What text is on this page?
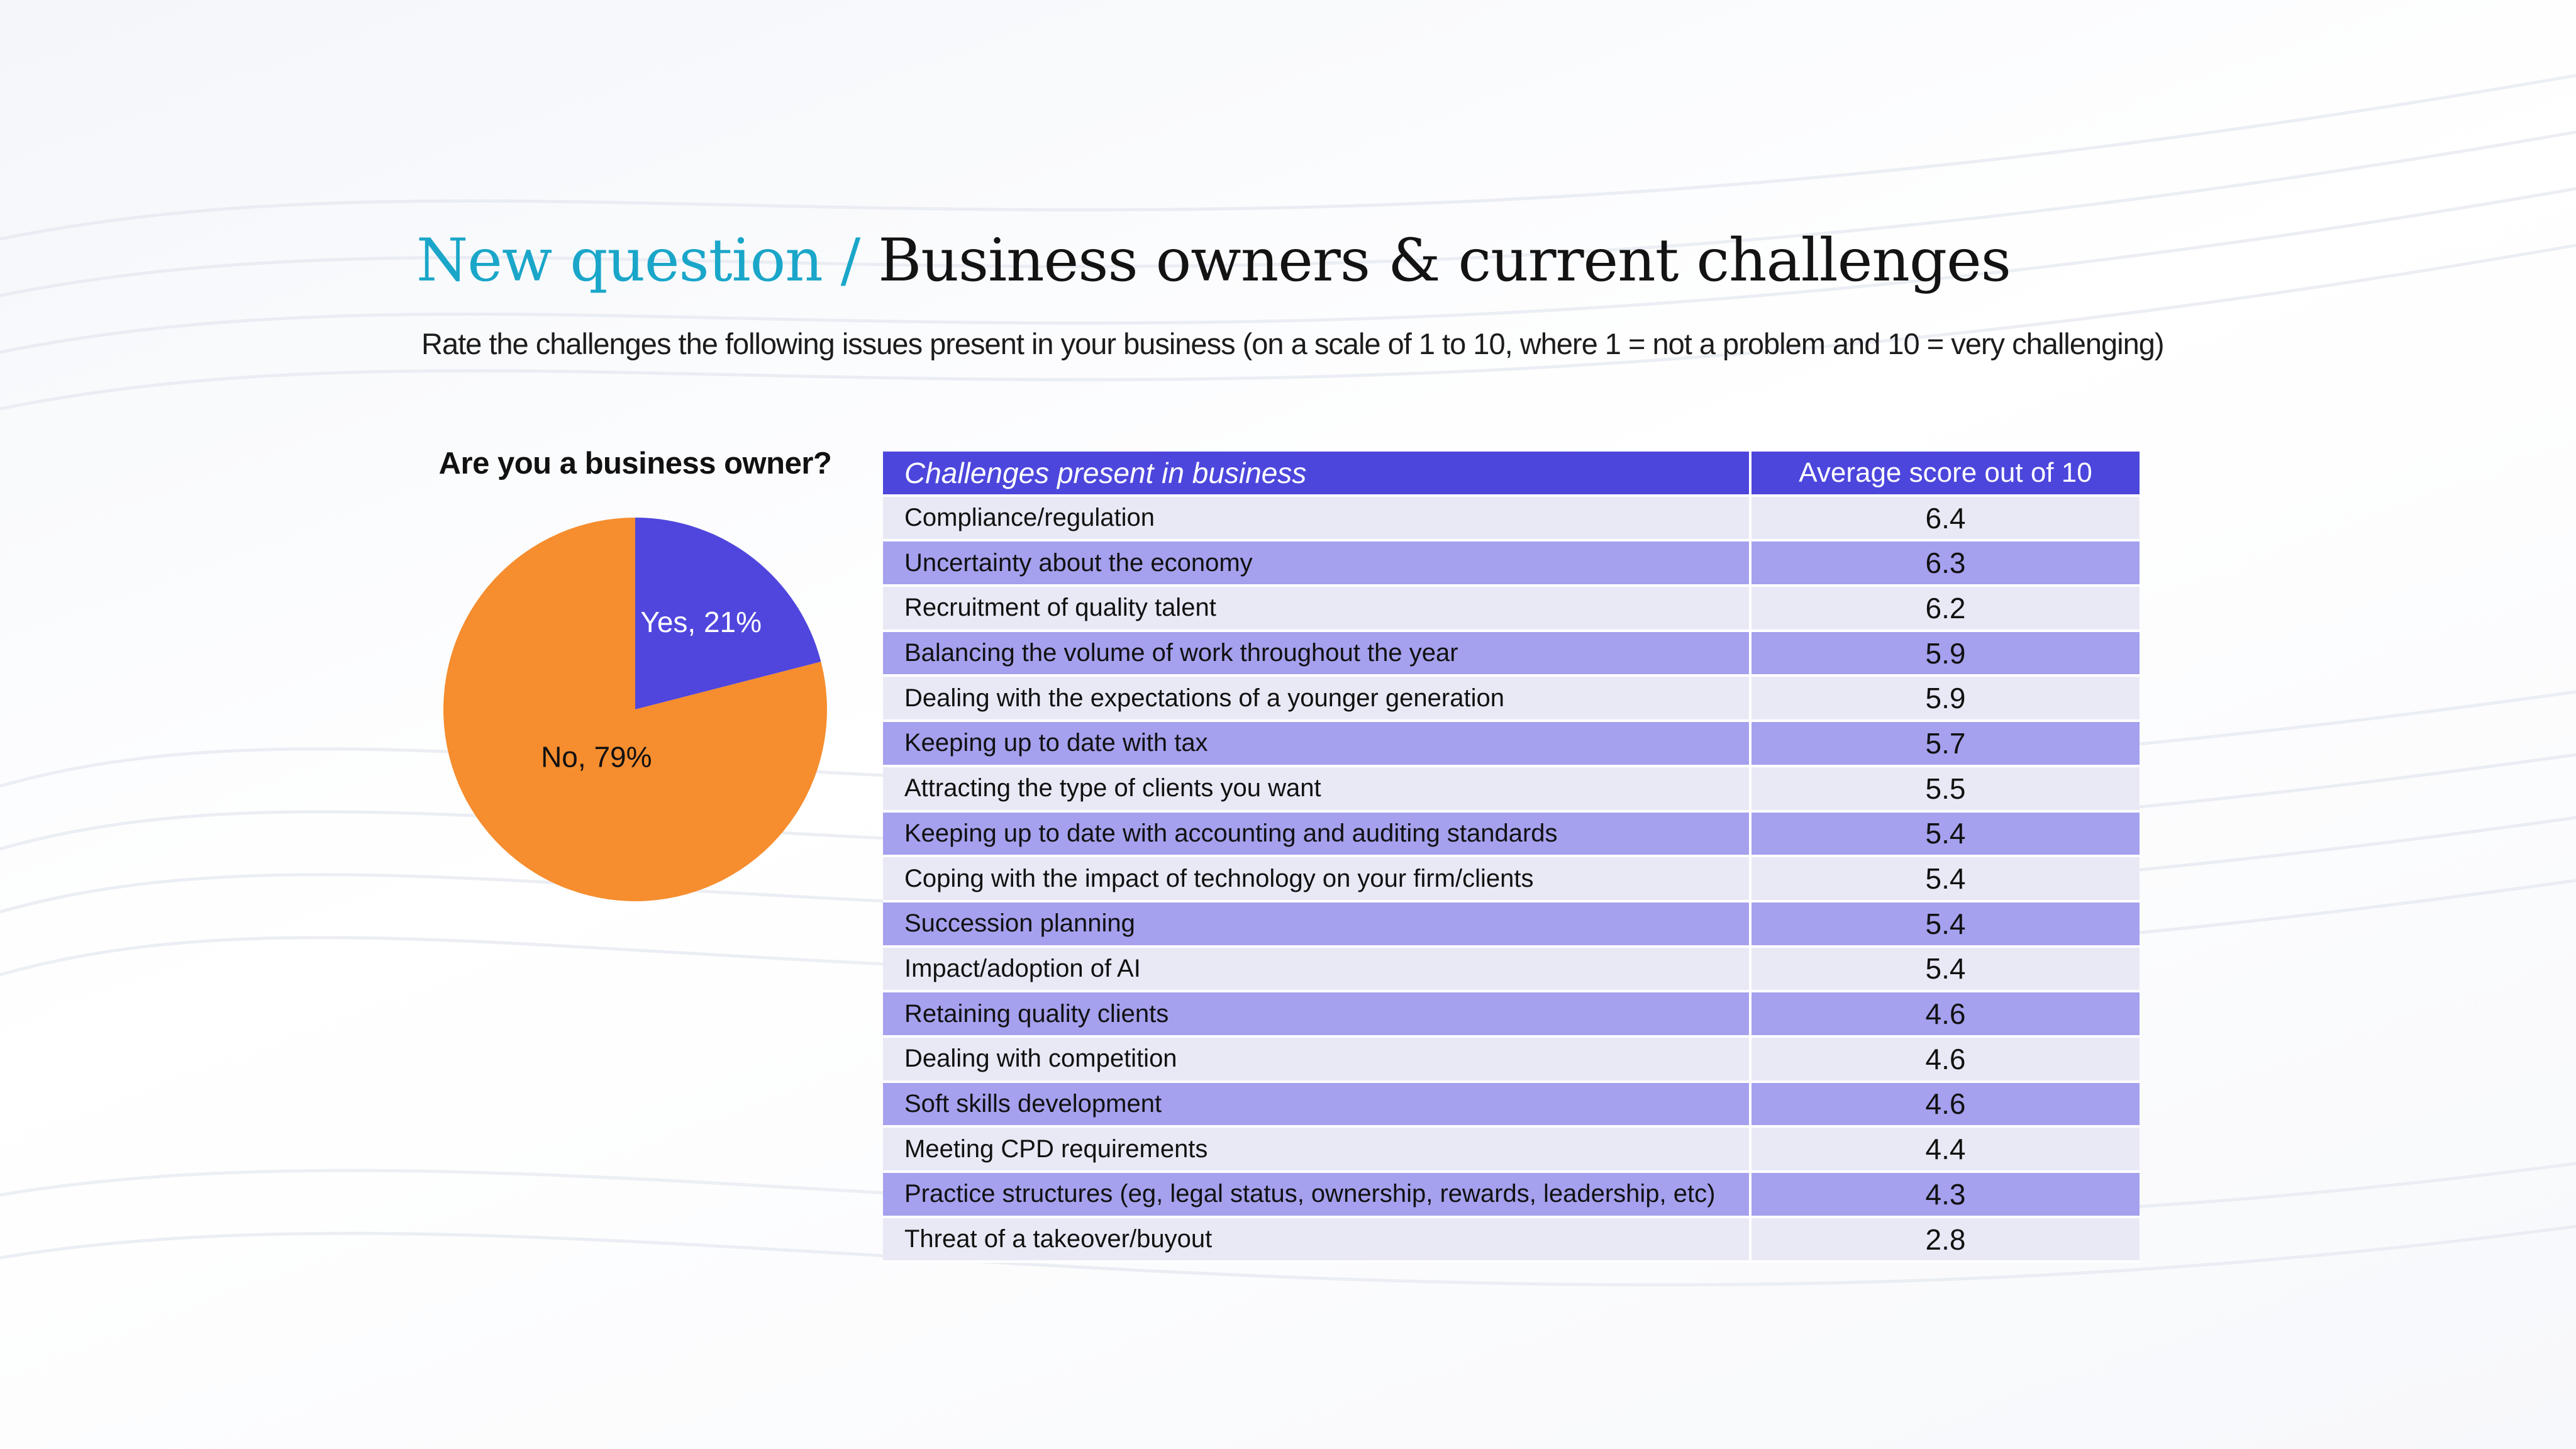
New question / Business owners & current challenges

Rate the challenges the following issues present in your business (on a scale of 1 to 10, where 1 = not a problem and 10 = very challenging)

Are you a business owner?
Yes, 21%
No, 79%
Challenges present in business	Average score out of 10
Compliance/regulation	6.4
Uncertainty about the economy	6.3
Recruitment of quality talent	6.2
Balancing the volume of work throughout the year	5.9
Dealing with the expectations of a younger generation	5.9
Keeping up to date with tax	5.7
Attracting the type of clients you want	5.5
Keeping up to date with accounting and auditing standards	5.4
Coping with the impact of technology on your firm/clients	5.4
Succession planning	5.4
Impact/adoption of AI	5.4
Retaining quality clients	4.6
Dealing with competition	4.6
Soft skills development	4.6
Meeting CPD requirements	4.4
Practice structures (eg, legal status, ownership, rewards, leadership, etc)	4.3
Threat of a takeover/buyout	2.8
